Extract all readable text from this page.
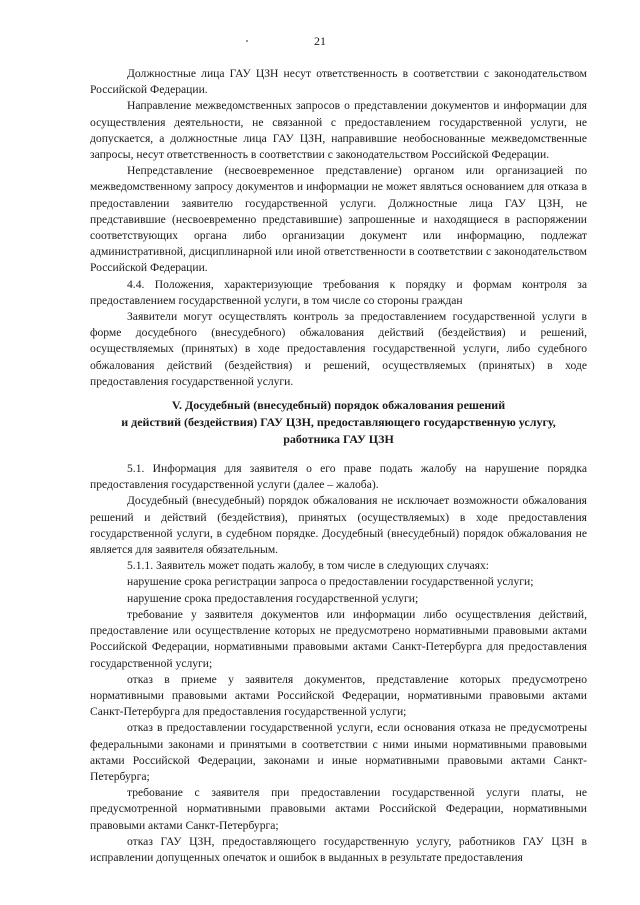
21

Должностные лица ГАУ ЦЗН несут ответственность в соответствии с законодательством Российской Федерации.

Направление межведомственных запросов о представлении документов и информации для осуществления деятельности, не связанной с предоставлением государственной услуги, не допускается, а должностные лица ГАУ ЦЗН, направившие необоснованные межведомственные запросы, несут ответственность в соответствии с законодательством Российской Федерации.

Непредставление (несвоевременное представление) органом или организацией по межведомственному запросу документов и информации не может являться основанием для отказа в предоставлении заявителю государственной услуги. Должностные лица ГАУ ЦЗН, не представившие (несвоевременно представившие) запрошенные и находящиеся в распоряжении соответствующих органа либо организации документ или информацию, подлежат административной, дисциплинарной или иной ответственности в соответствии с законодательством Российской Федерации.

4.4. Положения, характеризующие требования к порядку и формам контроля за предоставлением государственной услуги, в том числе со стороны граждан

Заявители могут осуществлять контроль за предоставлением государственной услуги в форме досудебного (внесудебного) обжалования действий (бездействия) и решений, осуществляемых (принятых) в ходе предоставления государственной услуги, либо судебного обжалования действий (бездействия) и решений, осуществляемых (принятых) в ходе предоставления государственной услуги.

V. Досудебный (внесудебный) порядок обжалования решений
и действий (бездействия) ГАУ ЦЗН, предоставляющего государственную услугу,
работника ГАУ ЦЗН

5.1. Информация для заявителя о его праве подать жалобу на нарушение порядка предоставления государственной услуги (далее – жалоба).

Досудебный (внесудебный) порядок обжалования не исключает возможности обжалования решений и действий (бездействия), принятых (осуществляемых) в ходе предоставления государственной услуги, в судебном порядке. Досудебный (внесудебный) порядок обжалования не является для заявителя обязательным.

5.1.1. Заявитель может подать жалобу, в том числе в следующих случаях:

нарушение срока регистрации запроса о предоставлении государственной услуги;

нарушение срока предоставления государственной услуги;

требование у заявителя документов или информации либо осуществления действий, предоставление или осуществление которых не предусмотрено нормативными правовыми актами Российской Федерации, нормативными правовыми актами Санкт-Петербурга для предоставления государственной услуги;

отказ в приеме у заявителя документов, представление которых предусмотрено нормативными правовыми актами Российской Федерации, нормативными правовыми актами Санкт-Петербурга для предоставления государственной услуги;

отказ в предоставлении государственной услуги, если основания отказа не предусмотрены федеральными законами и принятыми в соответствии с ними иными нормативными правовыми актами Российской Федерации, законами и иные нормативными правовыми актами Санкт-Петербурга;

требование с заявителя при предоставлении государственной услуги платы, не предусмотренной нормативными правовыми актами Российской Федерации, нормативными правовыми актами Санкт-Петербурга;

отказ ГАУ ЦЗН, предоставляющего государственную услугу, работников ГАУ ЦЗН в исправлении допущенных опечаток и ошибок в выданных в результате предоставления
